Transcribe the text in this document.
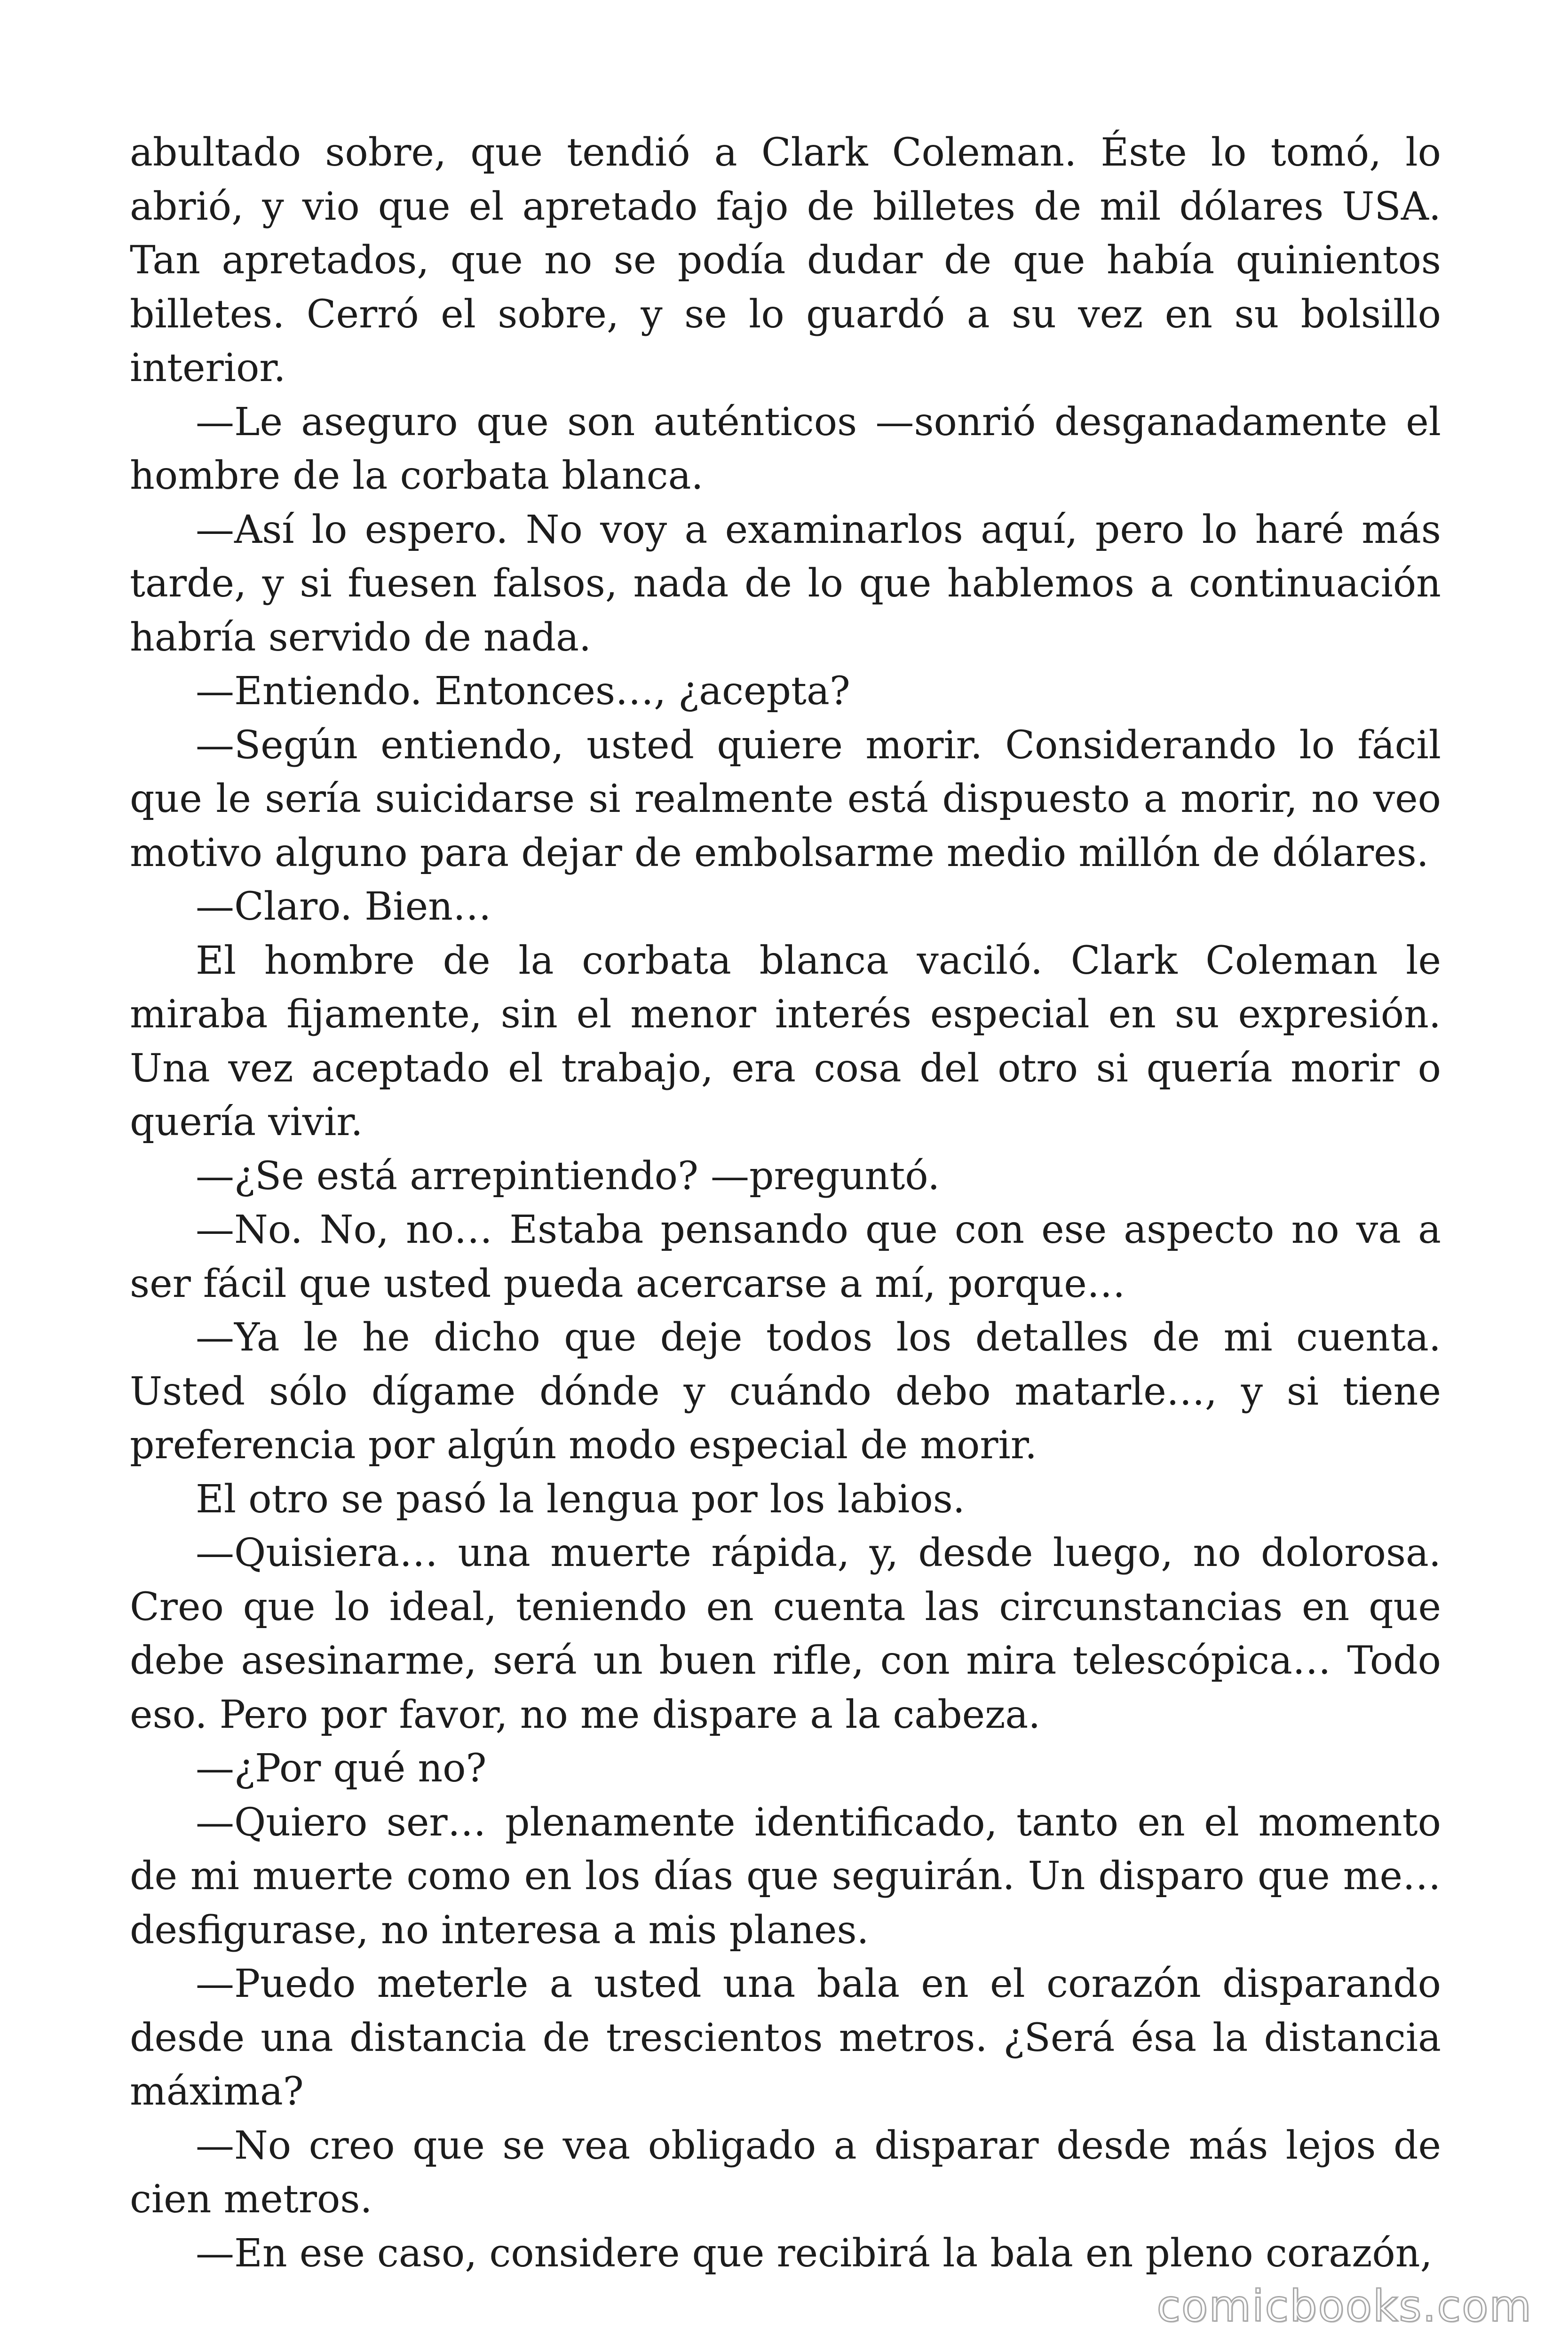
abultado sobre, que tendió a Clark Coleman. Éste lo tomó, lo abrió, y vio que el apretado fajo de billetes de mil dólares USA. Tan apretados, que no se podía dudar de que había quinientos billetes. Cerró el sobre, y se lo guardó a su vez en su bolsillo interior.

—Le aseguro que son auténticos —sonrió desganadamente el hombre de la corbata blanca.

—Así lo espero. No voy a examinarlos aquí, pero lo haré más tarde, y si fuesen falsos, nada de lo que hablemos a continuación habría servido de nada.

—Entiendo. Entonces…, ¿acepta?

—Según entiendo, usted quiere morir. Considerando lo fácil que le sería suicidarse si realmente está dispuesto a morir, no veo motivo alguno para dejar de embolsarme medio millón de dólares.

—Claro. Bien…

El hombre de la corbata blanca vaciló. Clark Coleman le miraba fijamente, sin el menor interés especial en su expresión. Una vez aceptado el trabajo, era cosa del otro si quería morir o quería vivir.

—¿Se está arrepintiendo? —preguntó.

—No. No, no… Estaba pensando que con ese aspecto no va a ser fácil que usted pueda acercarse a mí, porque…

—Ya le he dicho que deje todos los detalles de mi cuenta. Usted sólo dígame dónde y cuándo debo matarle…, y si tiene preferencia por algún modo especial de morir.

El otro se pasó la lengua por los labios.

—Quisiera… una muerte rápida, y, desde luego, no dolorosa. Creo que lo ideal, teniendo en cuenta las circunstancias en que debe asesinarme, será un buen rifle, con mira telescópica… Todo eso. Pero por favor, no me dispare a la cabeza.

—¿Por qué no?

—Quiero ser… plenamente identificado, tanto en el momento de mi muerte como en los días que seguirán. Un disparo que me… desfigurase, no interesa a mis planes.

—Puedo meterle a usted una bala en el corazón disparando desde una distancia de trescientos metros. ¿Será ésa la distancia máxima?

—No creo que se vea obligado a disparar desde más lejos de cien metros.

—En ese caso, considere que recibirá la bala en pleno corazón,

comicbooks.com
